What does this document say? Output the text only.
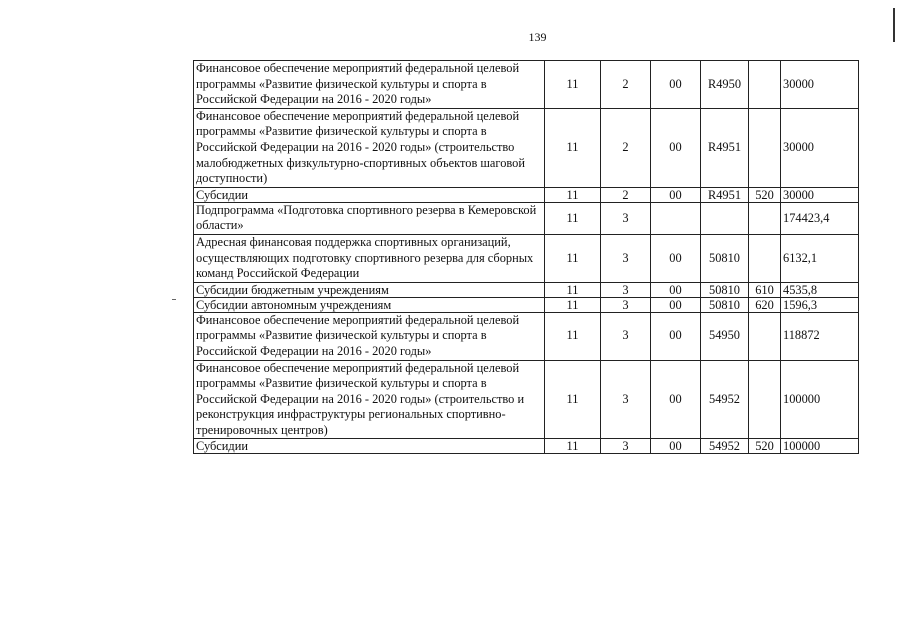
139
Финансовое обеспечение мероприятий федеральной целевой программы «Развитие физической культуры и спорта в Российской Федерации на 2016 - 2020 годы»	11	2	00	R4950		30000
Финансовое обеспечение мероприятий федеральной целевой программы «Развитие физической культуры и спорта в Российской Федерации на 2016 - 2020 годы» (строительство малобюджетных физкультурно-спортивных объектов шаговой доступности)	11	2	00	R4951		30000
Субсидии	11	2	00	R4951	520	30000
Подпрограмма «Подготовка спортивного резерва в Кемеровской области»	11	3				174423,4
Адресная финансовая поддержка спортивных организаций, осуществляющих подготовку спортивного резерва для сборных команд Российской Федерации	11	3	00	50810		6132,1
Субсидии бюджетным учреждениям	11	3	00	50810	610	4535,8
Субсидии автономным учреждениям	11	3	00	50810	620	1596,3
Финансовое обеспечение мероприятий федеральной целевой программы «Развитие физической культуры и спорта в Российской Федерации на 2016 - 2020 годы»	11	3	00	54950		118872
Финансовое обеспечение мероприятий федеральной целевой программы «Развитие физической культуры и спорта в Российской Федерации на 2016 - 2020 годы» (строительство и реконструкция инфраструктуры региональных спортивно-тренировочных центров)	11	3	00	54952		100000
Субсидии	11	3	00	54952	520	100000
